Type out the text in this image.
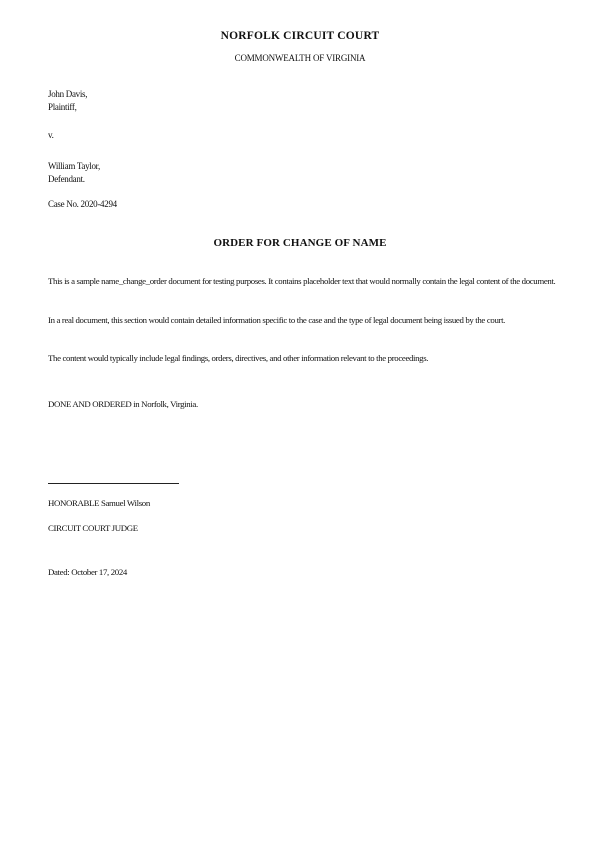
NORFOLK CIRCUIT COURT
COMMONWEALTH OF VIRGINIA
John Davis,
Plaintiff,
v.
William Taylor,
Defendant.
Case No. 2020-4294
ORDER FOR CHANGE OF NAME

This is a sample name_change_order document for testing purposes. It contains placeholder text that would normally contain the legal content of the document.

In a real document, this section would contain detailed information specific to the case and the type of legal document being issued by the court.

The content would typically include legal findings, orders, directives, and other information relevant to the proceedings.

DONE AND ORDERED in Norfolk, Virginia.

HONORABLE Samuel Wilson

CIRCUIT COURT JUDGE

Dated: October 17, 2024
